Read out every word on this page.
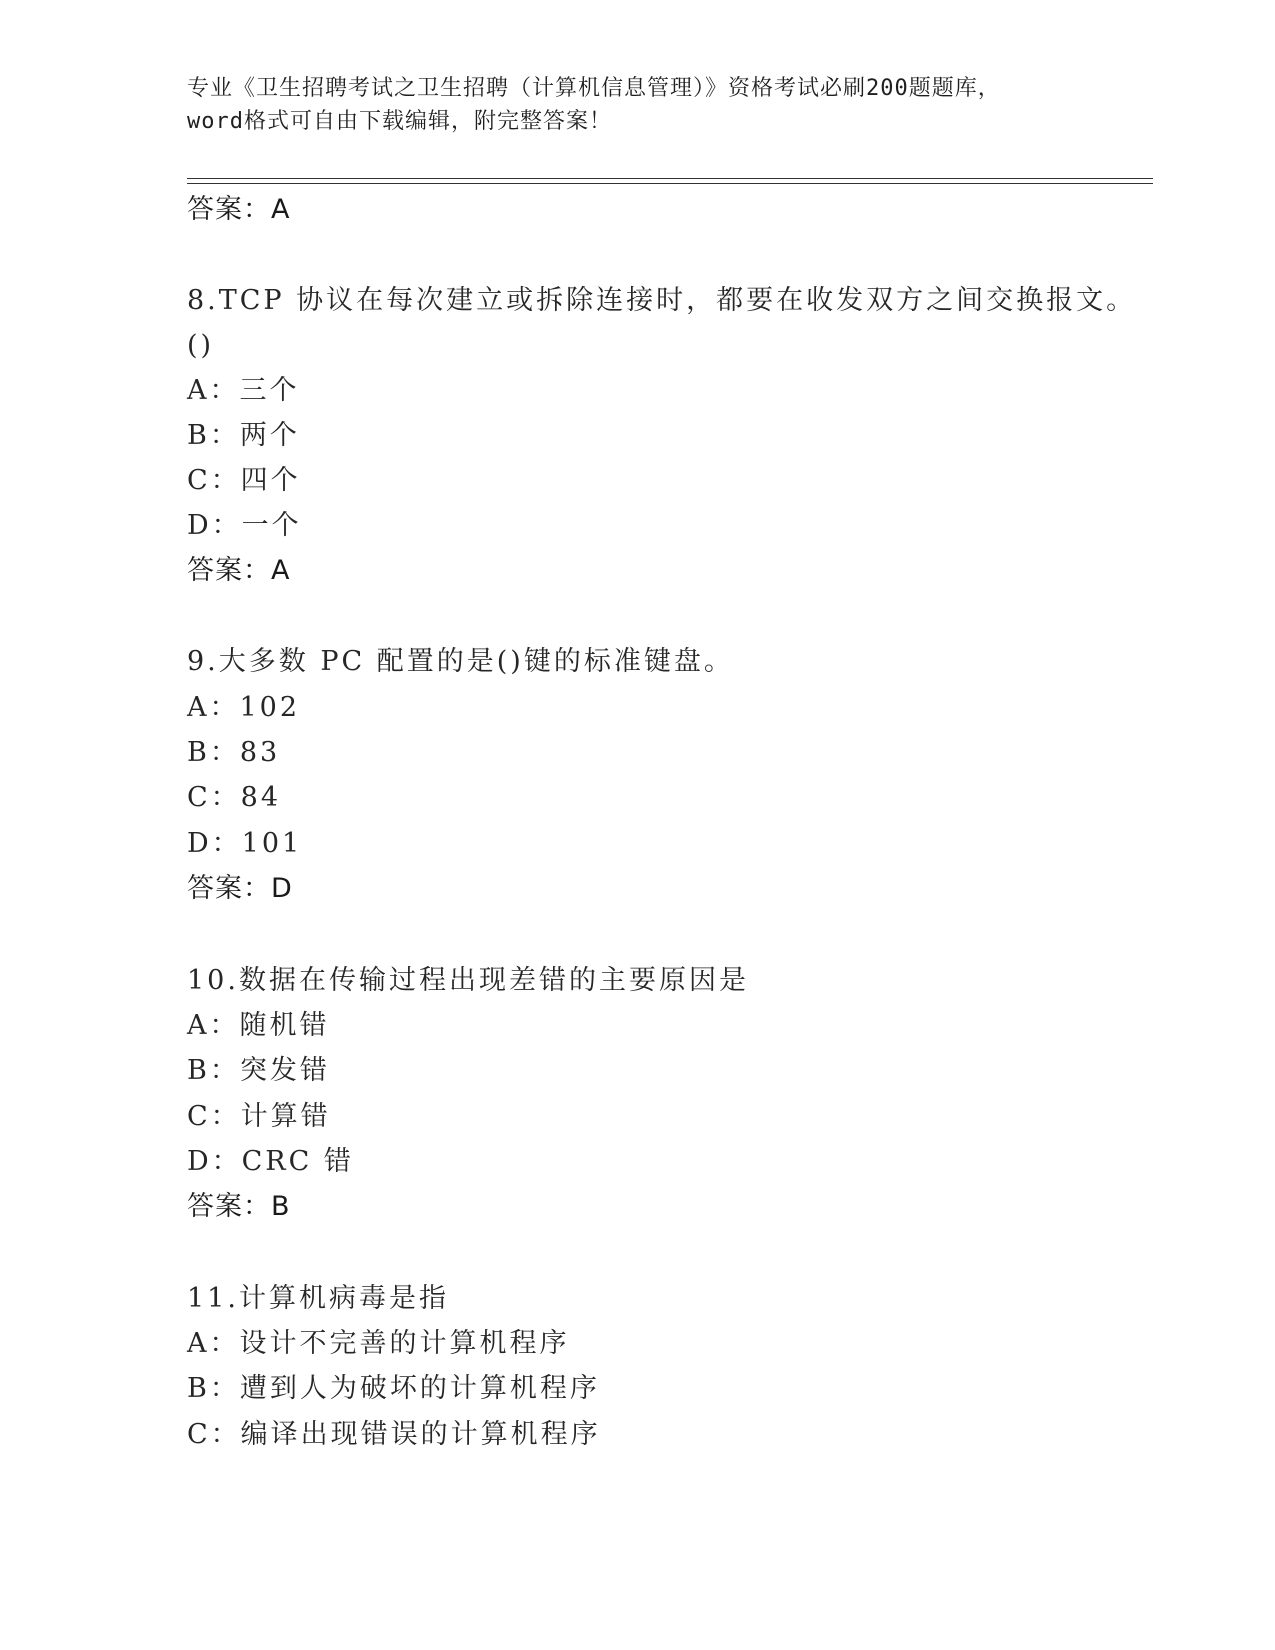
专业《卫生招聘考试之卫生招聘（计算机信息管理）》资格考试必刷200题题库，
word格式可自由下载编辑，附完整答案！
答案：A
8.TCP 协议在每次建立或拆除连接时，都要在收发双方之间交换报文。
()
A：三个
B：两个
C：四个
D：一个
答案：A
9.大多数 PC 配置的是()键的标准键盘。
A：102
B：83
C：84
D：101
答案：D
10.数据在传输过程出现差错的主要原因是
A：随机错
B：突发错
C：计算错
D：CRC 错
答案：B
11.计算机病毒是指
A：设计不完善的计算机程序
B：遭到人为破坏的计算机程序
C：编译出现错误的计算机程序
